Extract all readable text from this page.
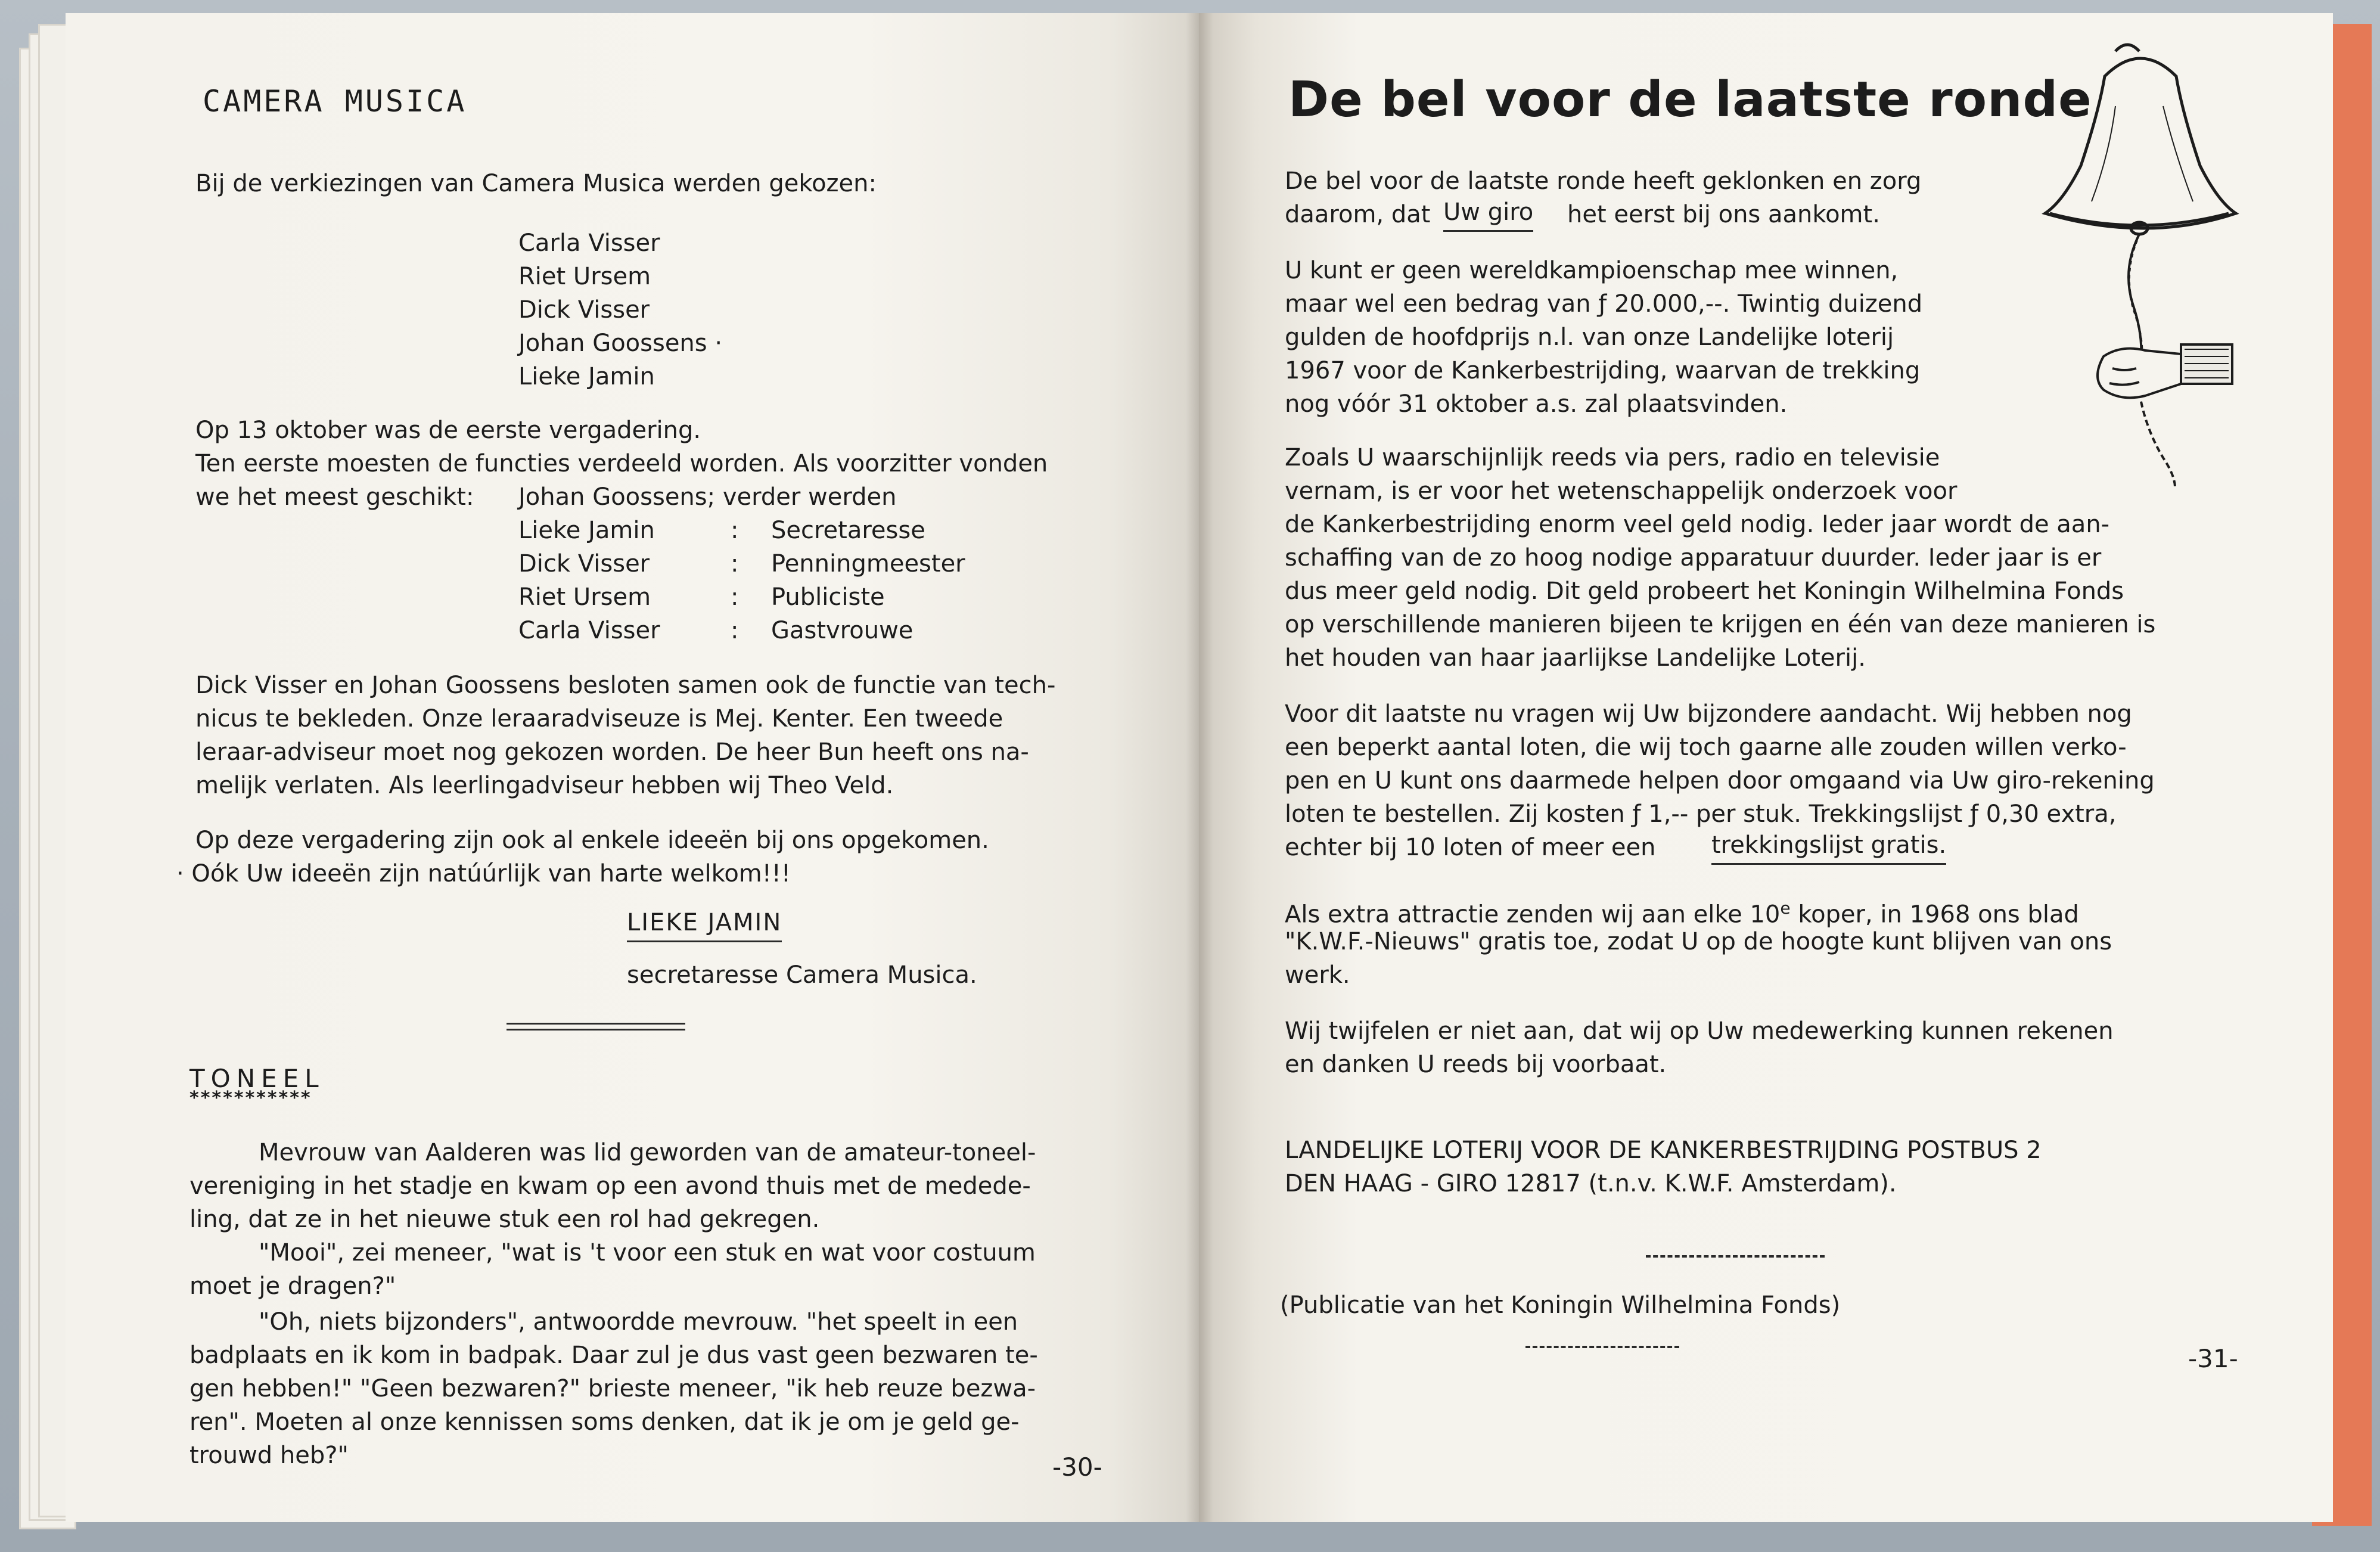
CAMERA MUSICA
Bij de verkiezingen van Camera Musica werden gekozen:
Carla Visser
Riet Ursem
Dick Visser
Johan Goossens ·
Lieke Jamin
Op 13 oktober was de eerste vergadering.
Ten eerste moesten de functies verdeeld worden. Als voorzitter vonden
we het meest geschikt: Johan Goossens; verder werden
Lieke Jamin	: Secretaresse
Dick Visser	: Penningmeester
Riet Ursem	: Publiciste
Carla Visser	: Gastvrouwe
Dick Visser en Johan Goossens besloten samen ook de functie van tech-
nicus te bekleden. Onze leraaradviseuze is Mej. Kenter. Een tweede
leraar-adviseur moet nog gekozen worden. De heer Bun heeft ons na-
melijk verlaten. Als leerlingadviseur hebben wij Theo Veld.
Op deze vergadering zijn ook al enkele ideeën bij ons opgekomen.
· Oók Uw ideeën zijn natúúrlijk van harte welkom!!!
LIEKE JAMIN
secretaresse Camera Musica.
TONEEL
***********
Mevrouw van Aalderen was lid geworden van de amateur-toneel-
vereniging in het stadje en kwam op een avond thuis met de medede-
ling, dat ze in het nieuwe stuk een rol had gekregen.
"Mooi", zei meneer, "wat is 't voor een stuk en wat voor costuum
moet je dragen?"
"Oh, niets bijzonders", antwoordde mevrouw. "het speelt in een
badplaats en ik kom in badpak. Daar zul je dus vast geen bezwaren te-
gen hebben!" "Geen bezwaren?" brieste meneer, "ik heb reuze bezwa-
ren". Moeten al onze kennissen soms denken, dat ik je om je geld ge-
trouwd heb?"	-30-
De bel voor de laatste ronde
De bel voor de laatste ronde heeft geklonken en zorg
daarom, dat Uw giro het eerst bij ons aankomt.
U kunt er geen wereldkampioenschap mee winnen,
maar wel een bedrag van ƒ 20.000,--. Twintig duizend
gulden de hoofdprijs n.l. van onze Landelijke loterij
1967 voor de Kankerbestrijding, waarvan de trekking
nog vóór 31 oktober a.s. zal plaatsvinden.
Zoals U waarschijnlijk reeds via pers, radio en televisie
vernam, is er voor het wetenschappelijk onderzoek voor
de Kankerbestrijding enorm veel geld nodig. Ieder jaar wordt de aan-
schaffing van de zo hoog nodige apparatuur duurder. Ieder jaar is er
dus meer geld nodig. Dit geld probeert het Koningin Wilhelmina Fonds
op verschillende manieren bijeen te krijgen en één van deze manieren is
het houden van haar jaarlijkse Landelijke Loterij.
Voor dit laatste nu vragen wij Uw bijzondere aandacht. Wij hebben nog
een beperkt aantal loten, die wij toch gaarne alle zouden willen verko-
pen en U kunt ons daarmede helpen door omgaand via Uw giro-rekening
loten te bestellen. Zij kosten ƒ 1,-- per stuk. Trekkingslijst ƒ 0,30 extra,
echter bij 10 loten of meer een trekkingslijst gratis.
Als extra attractie zenden wij aan elke 10e koper, in 1968 ons blad
"K.W.F.-Nieuws" gratis toe, zodat U op de hoogte kunt blijven van ons
werk.
Wij twijfelen er niet aan, dat wij op Uw medewerking kunnen rekenen
en danken U reeds bij voorbaat.
LANDELIJKE LOTERIJ VOOR DE KANKERBESTRIJDING POSTBUS 2
DEN HAAG - GIRO 12817 (t.n.v. K.W.F. Amsterdam).
(Publicatie van het Koningin Wilhelmina Fonds)
-31-
